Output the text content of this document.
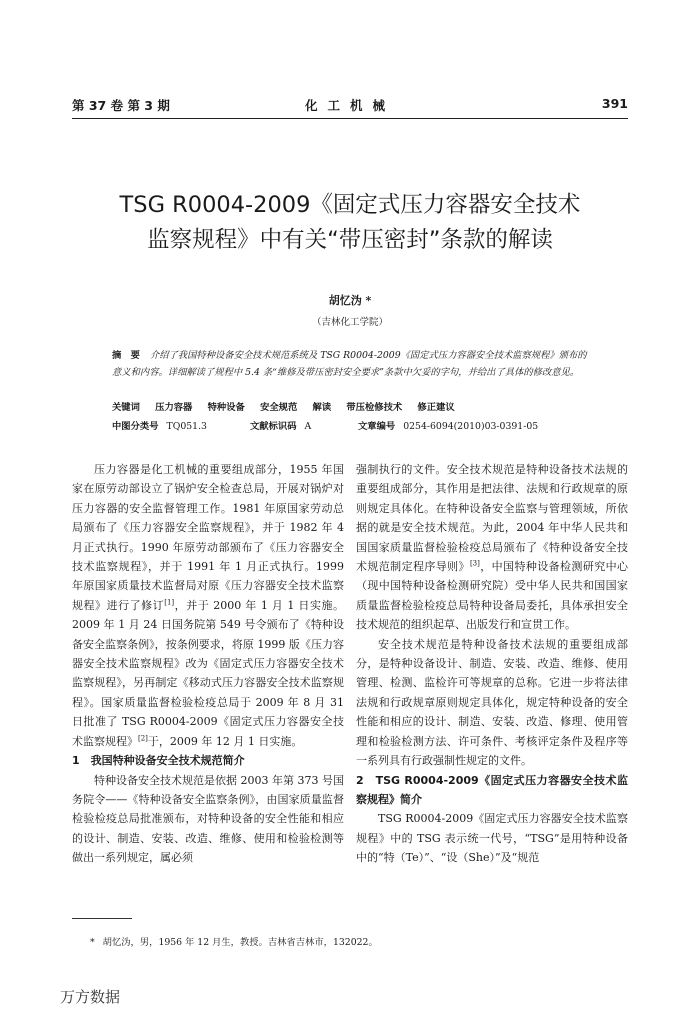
第 37 卷 第 3 期	化工机械	391
TSG R0004-2009《固定式压力容器安全技术
监察规程》中有关“带压密封”条款的解读
胡忆沩 *
（吉林化工学院）
摘　要 介绍了我国特种设备安全技术规范系统及 TSG R0004-2009《固定式压力容器安全技术监察规程》颁布的意义和内容。详细解读了规程中 5.4 条“维修及带压密封安全要求”条款中欠妥的字句，并给出了具体的修改意见。
关键词 压力容器 特种设备 安全规范 解读 带压检修技术 修正建议
中图分类号 TQ051.3	文献标识码 A	文章编号 0254-6094(2010)03-0391-05

压力容器是化工机械的重要组成部分，1955 年国家在原劳动部设立了锅炉安全检查总局，开展对锅炉对压力容器的安全监督管理工作。1981 年原国家劳动总局颁布了《压力容器安全监察规程》，并于 1982 年 4 月正式执行。1990 年原劳动部颁布了《压力容器安全技术监察规程》，并于 1991 年 1 月正式执行。1999 年原国家质量技术监督局对原《压力容器安全技术监察规程》进行了修订[1]，并于 2000 年 1 月 1 日实施。2009 年 1 月 24 日国务院第 549 号令颁布了《特种设备安全监察条例》，按条例要求，将原 1999 版《压力容器安全技术监察规程》改为《固定式压力容器安全技术监察规程》，另再制定《移动式压力容器安全技术监察规程》。国家质量监督检验检疫总局于 2009 年 8 月 31 日批准了 TSG R0004-2009《固定式压力容器安全技术监察规程》[2]于，2009 年 12 月 1 日实施。

1　我国特种设备安全技术规范简介

特种设备安全技术规范是依据 2003 年第 373 号国务院令——《特种设备安全监察条例》，由国家质量监督检验检疫总局批准颁布，对特种设备的安全性能和相应的设计、制造、安装、改造、维修、使用和检验检测等做出一系列规定，属必须

强制执行的文件。安全技术规范是特种设备技术法规的重要组成部分，其作用是把法律、法规和行政规章的原则规定具体化。在特种设备安全监察与管理领域，所依据的就是安全技术规范。为此，2004 年中华人民共和国国家质量监督检验检疫总局颁布了《特种设备安全技术规范制定程序导则》[3]，中国特种设备检测研究中心（现中国特种设备检测研究院）受中华人民共和国国家质量监督检验检疫总局特种设备局委托，具体承担安全技术规范的组织起草、出版发行和宣贯工作。

安全技术规范是特种设备技术法规的重要组成部分，是特种设备设计、制造、安装、改造、维修、使用管理、检测、监检许可等规章的总称。它进一步将法律法规和行政规章原则规定具体化，规定特种设备的安全性能和相应的设计、制造、安装、改造、修理、使用管理和检验检测方法、许可条件、考核评定条件及程序等一系列具有行政强制性规定的文件。

2　TSG R0004-2009《固定式压力容器安全技术监察规程》简介

TSG R0004-2009《固定式压力容器安全技术监察规程》中的 TSG 表示统一代号，“TSG”是用特种设备中的“特（Te）”、“设（She）”及“规范

* 胡忆沩，男，1956 年 12 月生，教授。吉林省吉林市，132022。
万方数据
